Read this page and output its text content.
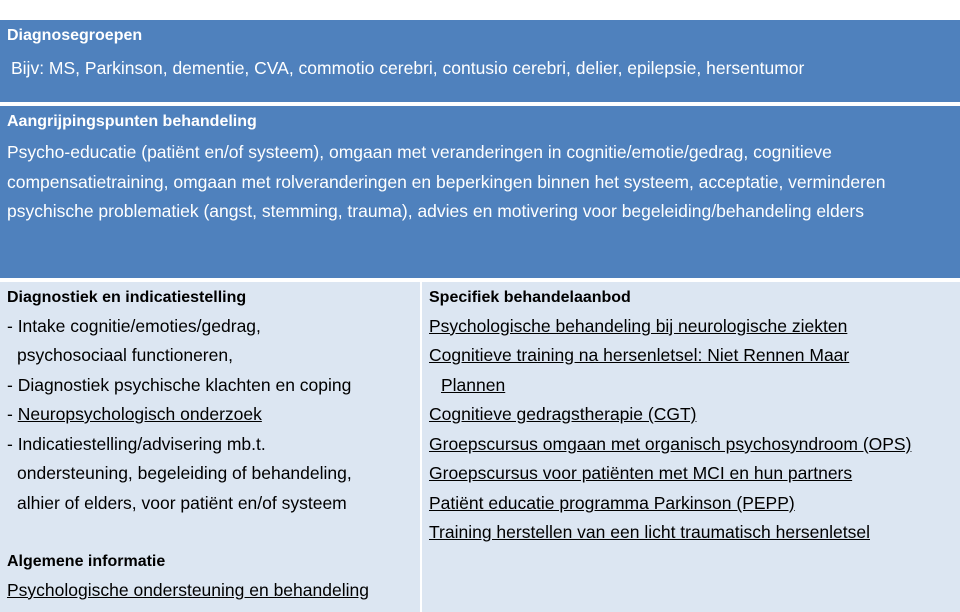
Diagnosegroepen
Bijv: MS, Parkinson, dementie, CVA, commotio cerebri, contusio cerebri, delier, epilepsie, hersentumor
Aangrijpingspunten behandeling
Psycho-educatie (patiënt en/of systeem), omgaan met veranderingen in cognitie/emotie/gedrag, cognitieve compensatietraining, omgaan met rolveranderingen en beperkingen binnen het systeem, acceptatie, verminderen psychische problematiek (angst, stemming, trauma), advies en motivering voor begeleiding/behandeling elders
Diagnostiek en indicatiestelling
- Intake cognitie/emoties/gedrag,
psychosociaal functioneren,
- Diagnostiek psychische klachten en coping
- Neuropsychologisch onderzoek
- Indicatiestelling/advisering mb.t.
ondersteuning, begeleiding of behandeling,
alhier of elders, voor patiënt en/of systeem
Algemene informatie
Psychologische ondersteuning en behandeling
Specifiek behandelaanbod
Psychologische behandeling bij neurologische ziekten
Cognitieve training na hersenletsel: Niet Rennen Maar
Plannen
Cognitieve gedragstherapie (CGT)
Groepscursus omgaan met organisch psychosyndroom (OPS)
Groepscursus voor patiënten met MCI en hun partners
Patiënt educatie programma Parkinson (PEPP)
Training herstellen van een licht traumatisch hersenletsel
